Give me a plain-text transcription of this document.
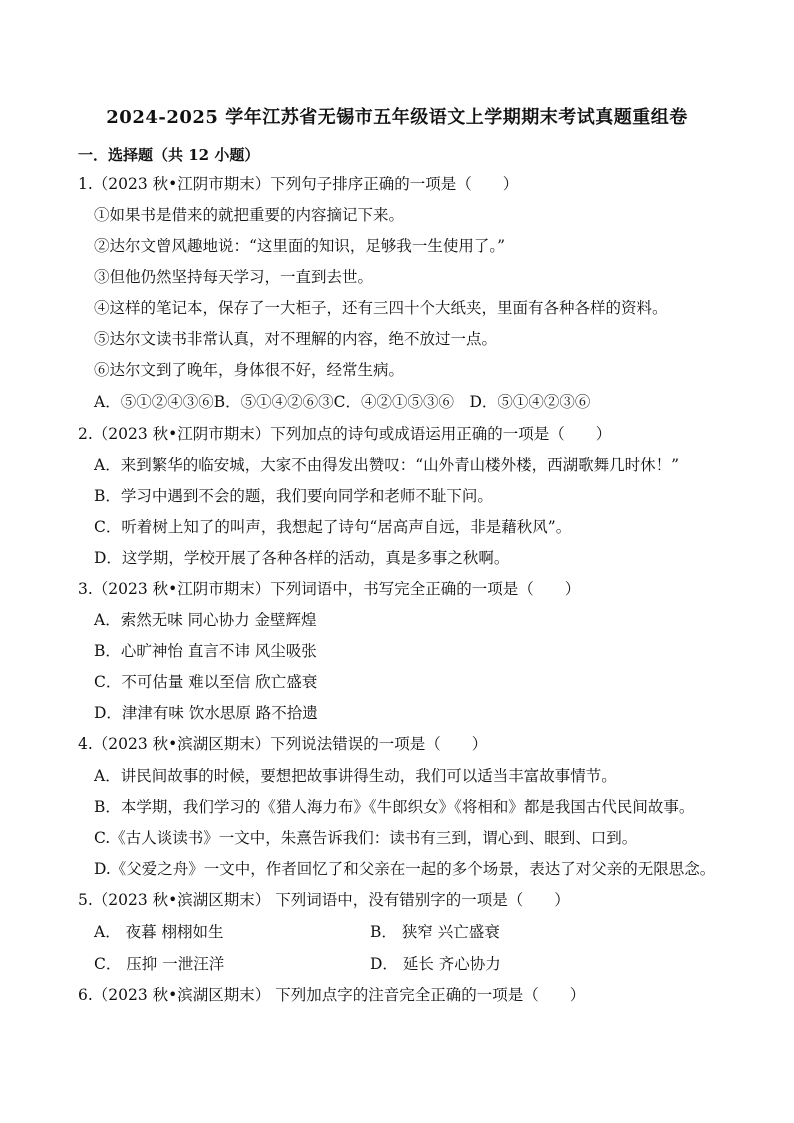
2024-2025 学年江苏省无锡市五年级语文上学期期末考试真题重组卷
一．选择题（共 12 小题）
1.（2023 秋•江阴市期末）下列句子排序正确的一项是（　　）
①如果书是借来的就把重要的内容摘记下来。
②达尔文曾风趣地说：“这里面的知识，足够我一生使用了。”
③但他仍然坚持每天学习，一直到去世。
④这样的笔记本，保存了一大柜子，还有三四十个大纸夹，里面有各种各样的资料。
⑤达尔文读书非常认真，对不理解的内容，绝不放过一点。
⑥达尔文到了晚年，身体很不好，经常生病。
A．⑤①②④③⑥B．⑤①④②⑥③C．④②①⑤③⑥　D．⑤①④②③⑥
2.（2023 秋•江阴市期末）下列加点的诗句或成语运用正确的一项是（　　）
A．来到繁华的临安城，大家不由得发出赞叹：“山外青山楼外楼，西湖歌舞几时休！”
B．学习中遇到不会的题，我们要向同学和老师不耻下问。
C．听着树上知了的叫声，我想起了诗句“居高声自远，非是藉秋风”。
D．这学期，学校开展了各种各样的活动，真是多事之秋啊。
3.（2023 秋•江阴市期末）下列词语中，书写完全正确的一项是（　　）
A．索然无味 同心协力 金壁辉煌
B．心旷神怡 直言不讳 风尘吸张
C．不可估量 难以至信 欣亡盛衰
D．津津有味 饮水思原 路不拾遗
4.（2023 秋•滨湖区期末）下列说法错误的一项是（　　）
A．讲民间故事的时候，要想把故事讲得生动，我们可以适当丰富故事情节。
B．本学期，我们学习的《猎人海力布》《牛郎织女》《将相和》都是我国古代民间故事。
C.《古人谈读书》一文中，朱熹告诉我们：读书有三到，谓心到、眼到、口到。
D.《父爱之舟》一文中，作者回忆了和父亲在一起的多个场景，表达了对父亲的无限思念。
5.（2023 秋•滨湖区期末） 下列词语中，没有错别字的一项是（　　）
A． 夜暮 栩栩如生	B． 狭窄 兴亡盛衰
C． 压抑 一泄汪洋	D． 延长 齐心协力
6.（2023 秋•滨湖区期末） 下列加点字的注音完全正确的一项是（　　）
